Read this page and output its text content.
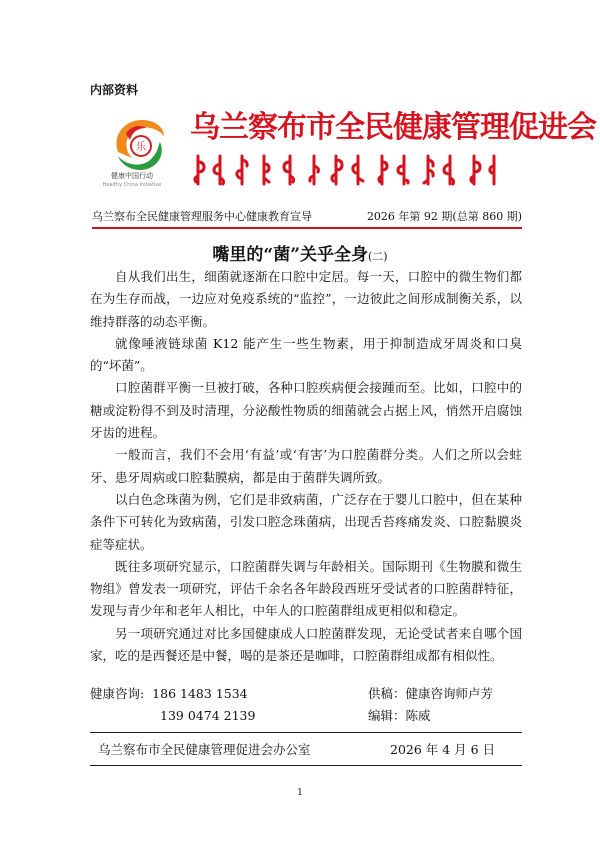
内部资料
乐
健康中国行动
Healthy China Initiative
乌兰察布市全民健康管理促进会
乌兰察布全民健康管理服务中心健康教育宣导	2026 年第 92 期(总第 860 期)
嘴里的“菌”关乎全身(二)

自从我们出生，细菌就逐渐在口腔中定居。每一天，口腔中的微生物们都在为生存而战，一边应对免疫系统的“监控”，一边彼此之间形成制衡关系，以维持群落的动态平衡。

就像唾液链球菌 K12 能产生一些生物素，用于抑制造成牙周炎和口臭的“坏菌”。

口腔菌群平衡一旦被打破，各种口腔疾病便会接踵而至。比如，口腔中的糖或淀粉得不到及时清理，分泌酸性物质的细菌就会占据上风，悄然开启腐蚀牙齿的进程。

一般而言，我们不会用‘有益’或‘有害’为口腔菌群分类。人们之所以会蛀牙、患牙周病或口腔黏膜病，都是由于菌群失调所致。

以白色念珠菌为例，它们是非致病菌，广泛存在于婴儿口腔中，但在某种条件下可转化为致病菌，引发口腔念珠菌病，出现舌苔疼痛发炎、口腔黏膜炎症等症状。

既往多项研究显示，口腔菌群失调与年龄相关。国际期刊《生物膜和微生物组》曾发表一项研究，评估千余名各年龄段西班牙受试者的口腔菌群特征，发现与青少年和老年人相比，中年人的口腔菌群组成更相似和稳定。

另一项研究通过对比多国健康成人口腔菌群发现，无论受试者来自哪个国家，吃的是西餐还是中餐，喝的是茶还是咖啡，口腔菌群组成都有相似性。

健康咨询: 186 1483 1534
139 0474 2139
供稿：健康咨询师卢芳
编辑：陈威
乌兰察布市全民健康管理促进会办公室	2026 年 4 月 6 日
1
